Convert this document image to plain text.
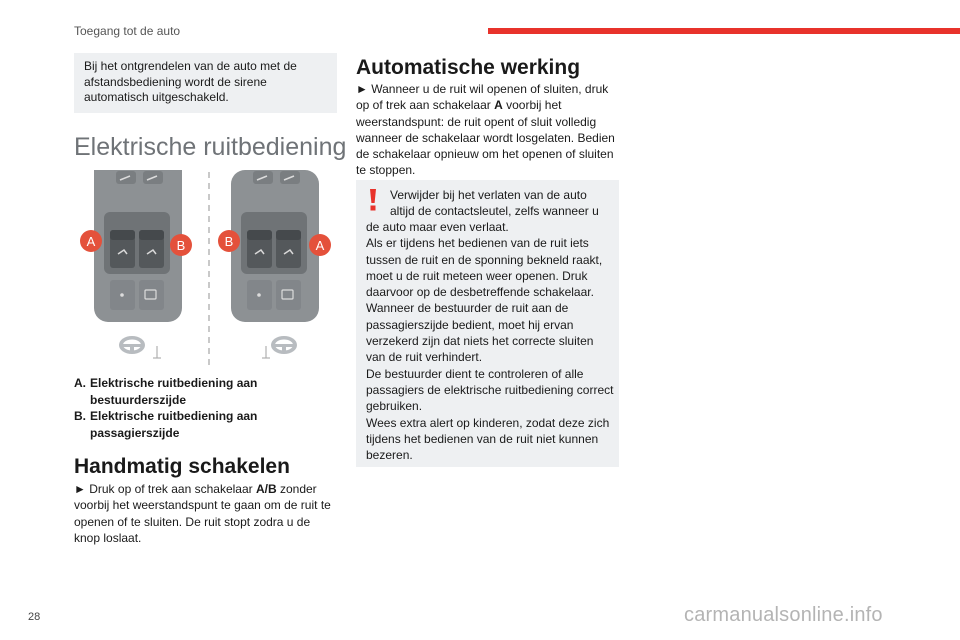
Toegang tot de auto

Bij het ontgrendelen van de auto met de afstandsbediening wordt de sirene automatisch uitgeschakeld.

Elektrische ruitbediening
A	B	B	A
A. Elektrische ruitbediening aan bestuurderszijde
B. Elektrische ruitbediening aan passagierszijde
Handmatig schakelen

► Druk op of trek aan schakelaar A/B zonder voorbij het weerstandspunt te gaan om de ruit te openen of te sluiten. De ruit stopt zodra u de knop loslaat.

Automatische werking

► Wanneer u de ruit wil openen of sluiten, druk op of trek aan schakelaar A voorbij het weerstandspunt: de ruit opent of sluit volledig wanneer de schakelaar wordt losgelaten. Bedien de schakelaar opnieuw om het openen of sluiten te stoppen.

Verwijder bij het verlaten van de auto altijd de contactsleutel, zelfs wanneer u

de auto maar even verlaat.
Als er tijdens het bedienen van de ruit iets tussen de ruit en de sponning bekneld raakt, moet u de ruit meteen weer openen. Druk daarvoor op de desbetreffende schakelaar.
Wanneer de bestuurder de ruit aan de passagierszijde bedient, moet hij ervan verzekerd zijn dat niets het correcte sluiten van de ruit verhindert.
De bestuurder dient te controleren of alle passagiers de elektrische ruitbediening correct gebruiken.
Wees extra alert op kinderen, zodat deze zich tijdens het bedienen van de ruit niet kunnen bezeren.

28	carmanualsonline.info
